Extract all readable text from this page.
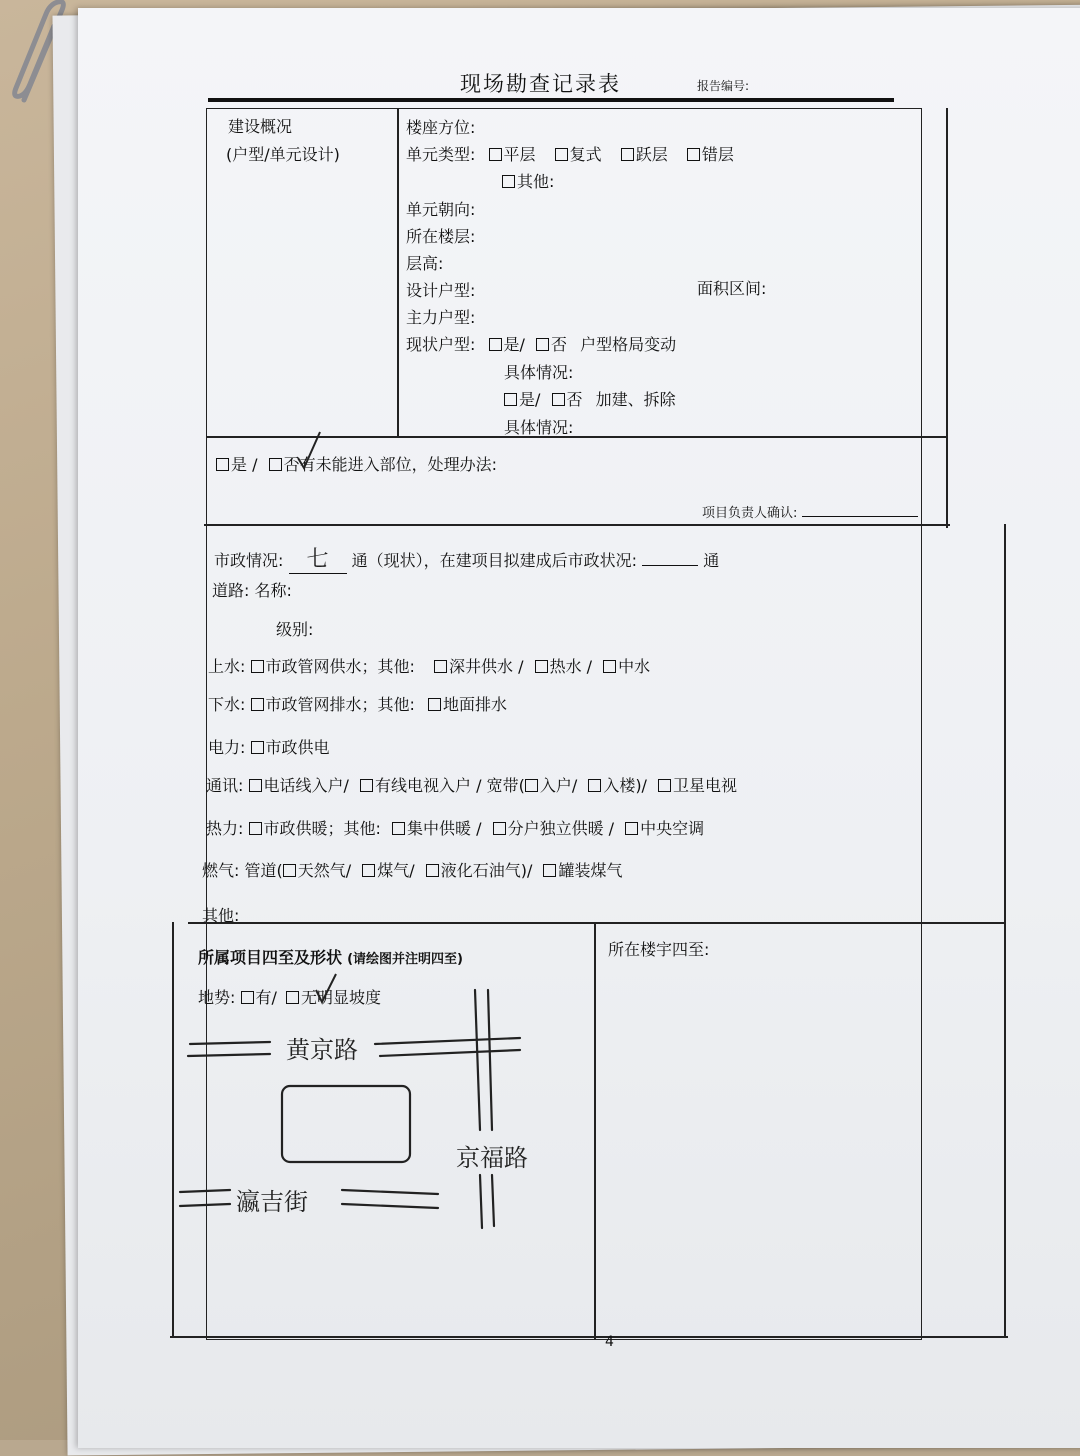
现场勘查记录表	报告编号:
建设概况
(户型/单元设计)
楼座方位:
单元类型: 平层 复式 跃层 错层
其他:
单元朝向:
所在楼层:
层高:
设计户型:	面积区间:
主力户型:
现状户型: 是/ 否 户型格局变动
具体情况:
是/ 否 加建、拆除
具体情况:
是 / 否有未能进入部位，处理办法:
项目负责人确认:
市政情况: 七 通（现状），在建项目拟建成后市政状况:	通
道路: 名称:
级别:
上水: 市政管网供水；其他: 深井供水 / 热水 / 中水
下水: 市政管网排水；其他: 地面排水
电力: 市政供电
通讯: 电话线入户/ 有线电视入户 / 宽带( 入户/ 入楼)/ 卫星电视
热力: 市政供暖；其他: 集中供暖 / 分户独立供暖 / 中央空调
燃气: 管道( 天然气/ 煤气/ 液化石油气)/ 罐装煤气
其他:
所属项目四至及形状 (请绘图并注明四至)
地势: 有/ 无明显坡度
所在楼宇四至:
黄京路
京福路
瀛吉街
4
